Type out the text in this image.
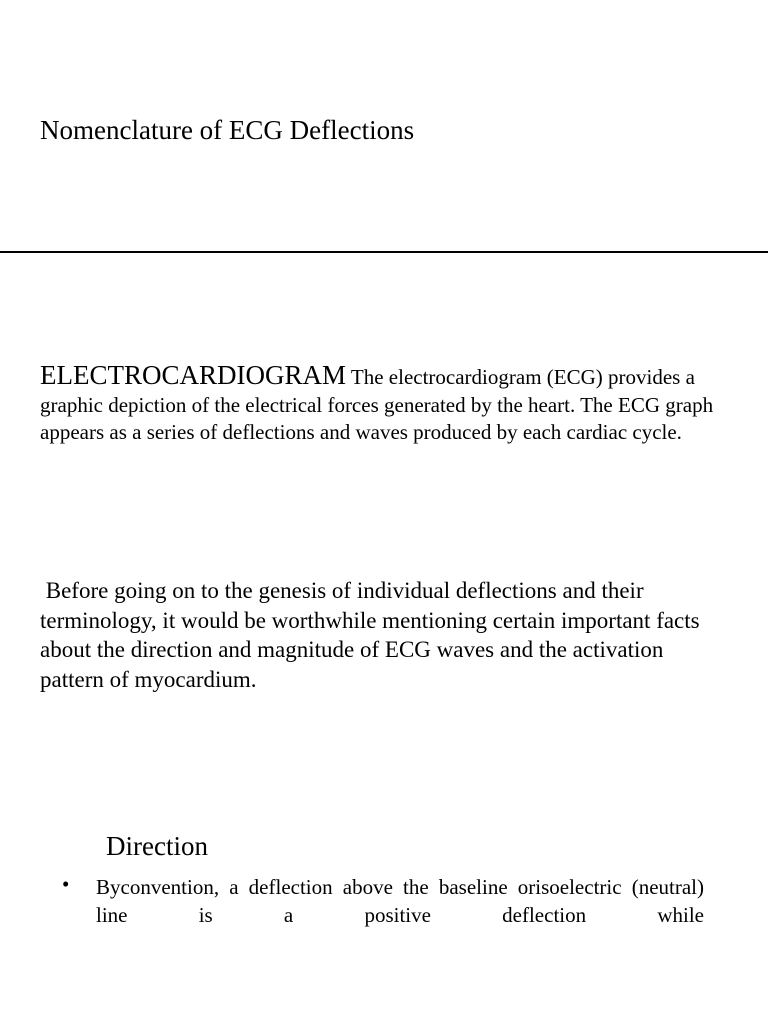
Nomenclature of ECG Deflections

ELECTROCARDIOGRAM The electrocardiogram (ECG) provides a graphic depiction of the electrical forces generated by the heart. The ECG graph appears as a series of deflections and waves produced by each cardiac cycle.

Before going on to the genesis of individual deflections and their terminology, it would be worthwhile mentioning certain important facts about the direction and magnitude of ECG waves and the activation pattern of myocardium.

Direction
• Byconvention, a deflection above the baseline orisoelectric (neutral) line is a positive deflection while
